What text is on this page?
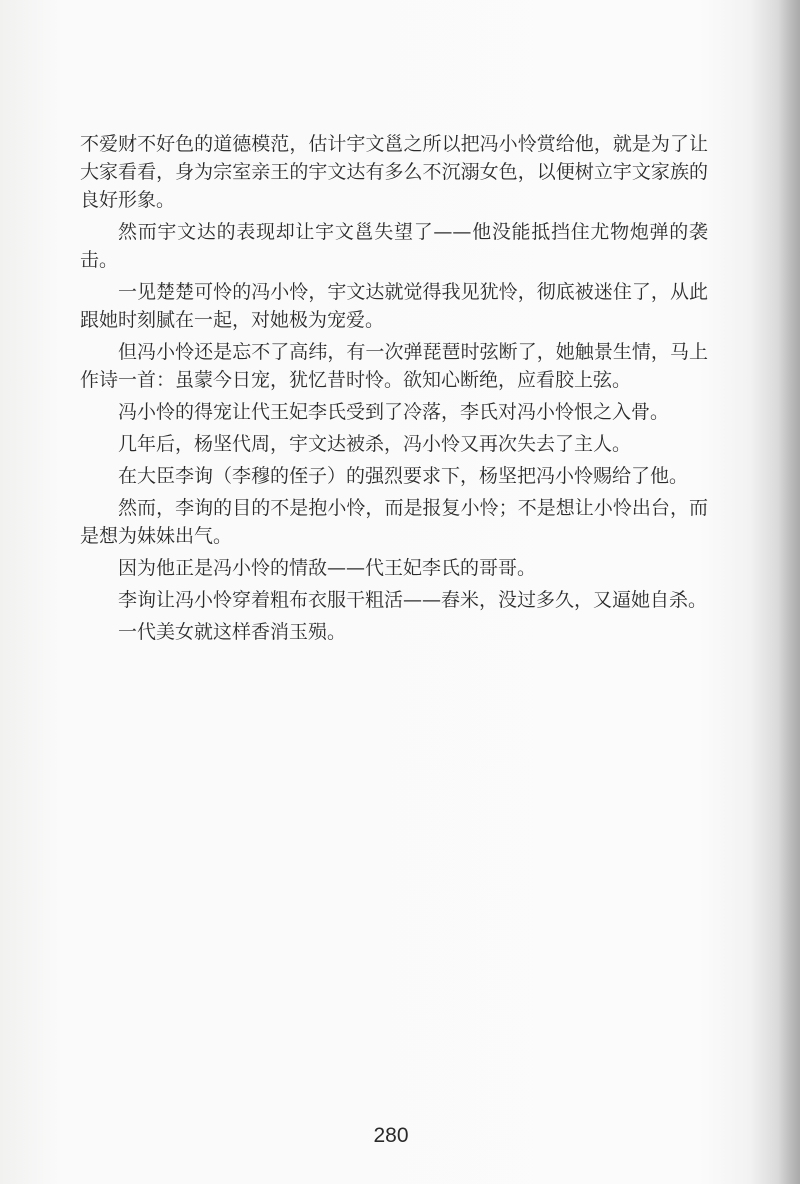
不爱财不好色的道德模范，估计宇文邕之所以把冯小怜赏给他，就是为了让大家看看，身为宗室亲王的宇文达有多么不沉溺女色，以便树立宇文家族的良好形象。

然而宇文达的表现却让宇文邕失望了——他没能抵挡住尤物炮弹的袭击。

一见楚楚可怜的冯小怜，宇文达就觉得我见犹怜，彻底被迷住了，从此跟她时刻腻在一起，对她极为宠爱。

但冯小怜还是忘不了高纬，有一次弹琵琶时弦断了，她触景生情，马上作诗一首：虽蒙今日宠，犹忆昔时怜。欲知心断绝，应看胶上弦。

冯小怜的得宠让代王妃李氏受到了冷落，李氏对冯小怜恨之入骨。

几年后，杨坚代周，宇文达被杀，冯小怜又再次失去了主人。

在大臣李询（李穆的侄子）的强烈要求下，杨坚把冯小怜赐给了他。

然而，李询的目的不是抱小怜，而是报复小怜；不是想让小怜出台，而是想为妹妹出气。

因为他正是冯小怜的情敌——代王妃李氏的哥哥。

李询让冯小怜穿着粗布衣服干粗活——舂米，没过多久，又逼她自杀。

一代美女就这样香消玉殒。

280
